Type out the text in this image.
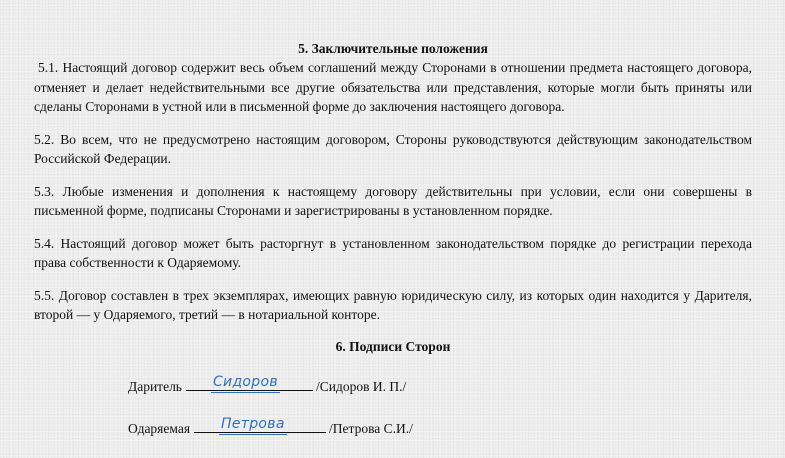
5. Заключительные положения

5.1. Настоящий договор содержит весь объем соглашений между Сторонами в отношении предмета настоящего договора, отменяет и делает недействительными все другие обязательства или представления, которые могли быть приняты или сделаны Сторонами в устной или в письменной форме до заключения настоящего договора.

5.2. Во всем, что не предусмотрено настоящим договором, Стороны руководствуются действующим законодательством Российской Федерации.

5.3. Любые изменения и дополнения к настоящему договору действительны при условии, если они совершены в письменной форме, подписаны Сторонами и зарегистрированы в установленном порядке.

5.4. Настоящий договор может быть расторгнут в установленном законодательством порядке до регистрации перехода права собственности к Одаряемому.

5.5. Договор составлен в трех экземплярах, имеющих равную юридическую силу, из которых один находится у Дарителя, второй — у Одаряемого, третий — в нотариальной конторе.

6. Подписи Сторон

Даритель Сидоров	/Сидоров И. П./
Одаряемая Петрова	/Петрова С.И./
